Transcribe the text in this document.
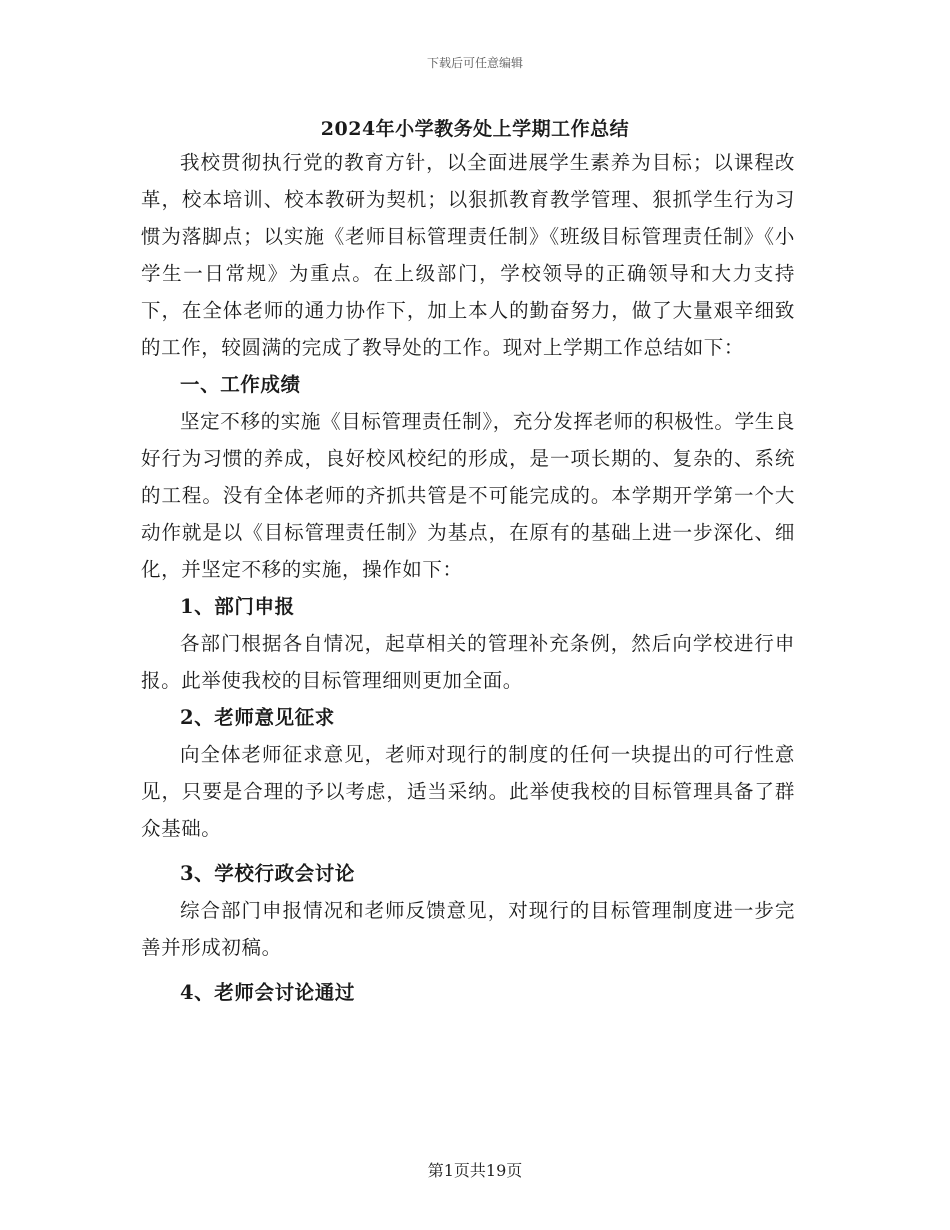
下载后可任意编辑
2024年小学教务处上学期工作总结

我校贯彻执行党的教育方针，以全面进展学生素养为目标；以课程改革，校本培训、校本教研为契机；以狠抓教育教学管理、狠抓学生行为习惯为落脚点；以实施《老师目标管理责任制》《班级目标管理责任制》《小学生一日常规》为重点。在上级部门，学校领导的正确领导和大力支持下，在全体老师的通力协作下，加上本人的勤奋努力，做了大量艰辛细致的工作，较圆满的完成了教导处的工作。现对上学期工作总结如下：

一、工作成绩

坚定不移的实施《目标管理责任制》，充分发挥老师的积极性。学生良好行为习惯的养成，良好校风校纪的形成，是一项长期的、复杂的、系统的工程。没有全体老师的齐抓共管是不可能完成的。本学期开学第一个大动作就是以《目标管理责任制》为基点，在原有的基础上进一步深化、细化，并坚定不移的实施，操作如下：

1、部门申报

各部门根据各自情况，起草相关的管理补充条例，然后向学校进行申报。此举使我校的目标管理细则更加全面。

2、老师意见征求

向全体老师征求意见，老师对现行的制度的任何一块提出的可行性意见，只要是合理的予以考虑，适当采纳。此举使我校的目标管理具备了群众基础。

3、学校行政会讨论

综合部门申报情况和老师反馈意见，对现行的目标管理制度进一步完善并形成初稿。

4、老师会讨论通过

第1页共19页
